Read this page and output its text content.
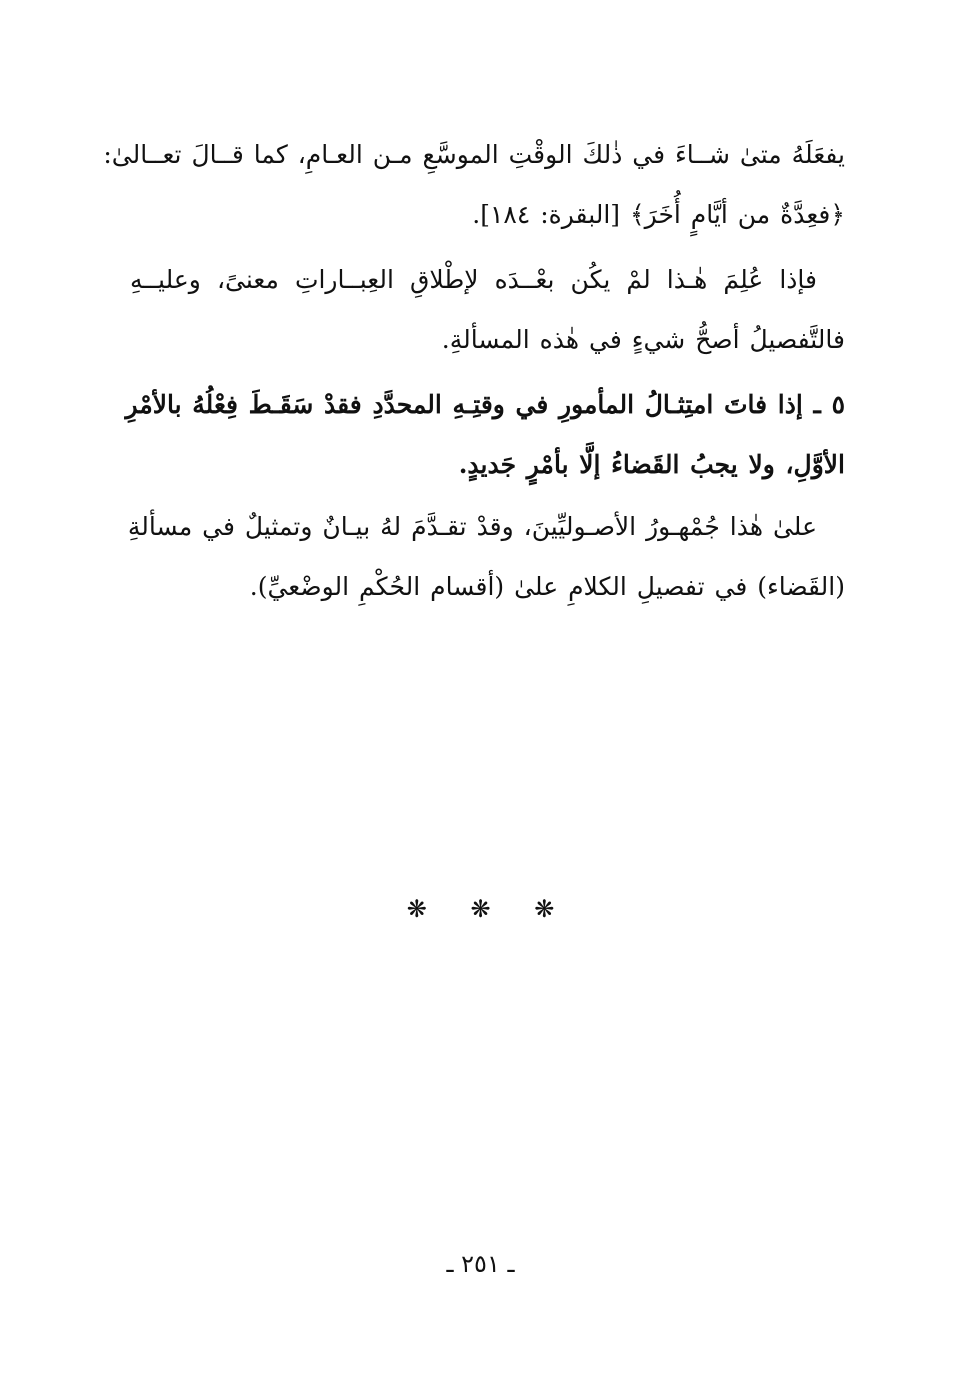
يفعَلَهُ متىٰ شــاءَ في ذٰلكَ الوقْتِ الموسَّعِ مـن العـامِ، كما قــالَ تعــالىٰ:
﴿فعِدَّةٌ من أيَّامٍ أُخَرَ﴾ [البقرة: ١٨٤].
فإذا عُلِمَ هٰـذا لمْ يكُن بعْــدَه لإطْلاقِ العِبــاراتِ معنىً، وعليــهِ
فالتَّفصيلُ أصحُّ شيءٍ في هٰذه المسألةِ.
٥ ـ إذا فاتَ امتِثـالُ المأمورِ في وقتِـهِ المحدَّدِ فقدْ سَقَـطَ فِعْلُهُ بالأمْرِ
الأوَّلِ، ولا يجبُ القَضاءُ إلَّا بأمْرٍ جَديدٍ.
علىٰ هٰذا جُمْهـورُ الأصـوليِّينَ، وقدْ تقـدَّمَ لهُ بيـانٌ وتمثيلٌ في مسألةِ
(القَضاء) في تفصيلِ الكلامِ علىٰ (أقسام الحُكْمِ الوضْعيِّ).
❋ ❋ ❋
ـ ٢٥١ ـ
